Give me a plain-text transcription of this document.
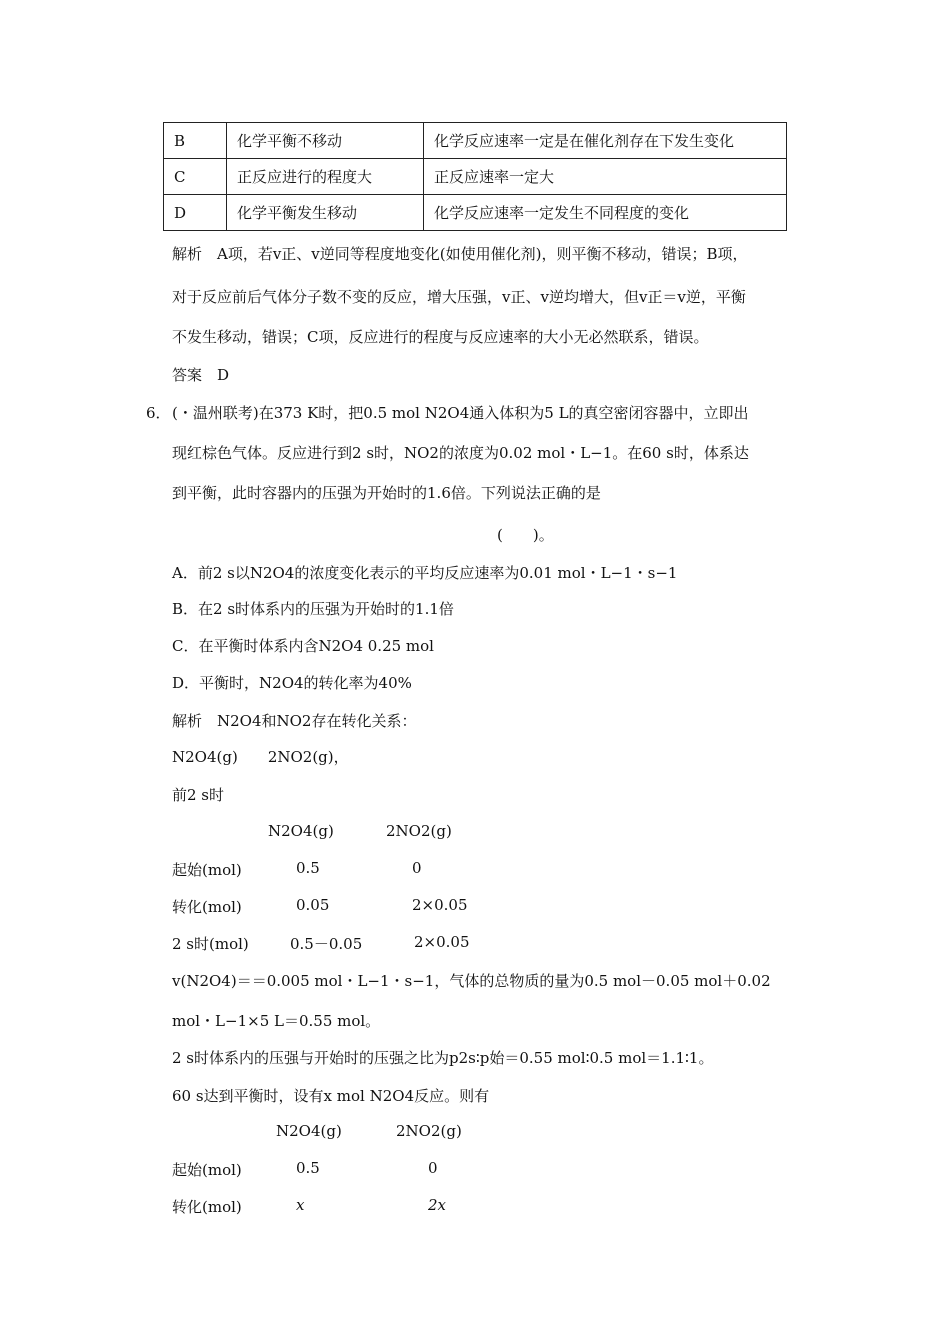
B	化学平衡不移动	化学反应速率一定是在催化剂存在下发生变化
C	正反应进行的程度大	正反应速率一定大
D	化学平衡发生移动	化学反应速率一定发生不同程度的变化
解析　A项，若v正、v逆同等程度地变化(如使用催化剂)，则平衡不移动，错误；B项，
对于反应前后气体分子数不变的反应，增大压强，v正、v逆均增大，但v正＝v逆，平衡
不发生移动，错误；C项，反应进行的程度与反应速率的大小无必然联系，错误。
答案　D
6． (・温州联考)在373 K时，把0.5 mol N2O4通入体积为5 L的真空密闭容器中，立即出
现红棕色气体。反应进行到2 s时，NO2的浓度为0.02 mol・L−1。在60 s时，体系达
到平衡，此时容器内的压强为开始时的1.6倍。下列说法正确的是
(　　)。
A．前2 s以N2O4的浓度变化表示的平均反应速率为0.01 mol・L−1・s−1
B．在2 s时体系内的压强为开始时的1.1倍
C．在平衡时体系内含N2O4 0.25 mol
D．平衡时，N2O4的转化率为40%
解析　N2O4和NO2存在转化关系：
N2O4(g)　　2NO2(g)，
前2 s时
N2O4(g)	2NO2(g)
起始(mol)	0.5	0
转化(mol)	0.05	2×0.05
2 s时(mol)	0.5－0.05	2×0.05
v(N2O4)＝＝0.005 mol・L−1・s−1，气体的总物质的量为0.5 mol－0.05 mol＋0.02
mol・L−1×5 L＝0.55 mol。
2 s时体系内的压强与开始时的压强之比为p2s∶p始＝0.55 mol∶0.5 mol＝1.1∶1。
60 s达到平衡时，设有x mol N2O4反应。则有
N2O4(g)	2NO2(g)
起始(mol)	0.5	0
转化(mol)	x	2x
